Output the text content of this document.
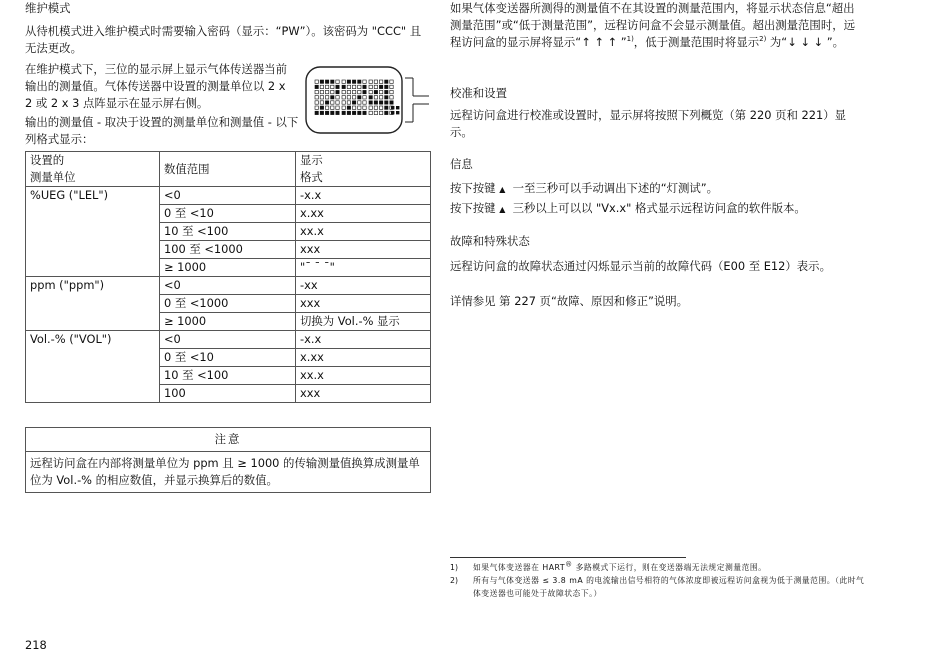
维护模式

从待机模式进入维护模式时需要输入密码（显示：“PW”）。该密码为 "CCC" 且无法更改。

在维护模式下，三位的显示屏上显示气体传送器当前输出的测量值。气体传送器中设置的测量单位以 2 x 2 或 2 x 3 点阵显示在显示屏右侧。

输出的测量值 - 取决于设置的测量单位和测量值 - 以下列格式显示：

设置的
测量单位	数值范围	显示
格式
%UEG ("LEL")	<0	-x.x
	0 至 <10	x.xx
	10 至 <100	xx.x
	100 至 <1000	xxx
	≥ 1000	"¯ ¯ ¯"
ppm ("ppm")	<0	-xx
	0 至 <1000	xxx
	≥ 1000	切换为 Vol.-% 显示
Vol.-% ("VOL")	<0	-x.x
	0 至 <10	x.xx
	10 至 <100	xx.x
	100	xxx
注意
远程访问盒在内部将测量单位为 ppm 且 ≥ 1000 的传输测量值换算成测量单位为 Vol.-% 的相应数值，并显示换算后的数值。

如果气体变送器所测得的测量值不在其设置的测量范围内，将显示状态信息“超出测量范围”或“低于测量范围”，远程访问盒不会显示测量值。超出测量范围时，远程访问盒的显示屏将显示“↑ ↑ ↑ ”$^{1)}$，低于测量范围时将显示$^{2)}$ 为“↓ ↓ ↓ ”。

校准和设置

远程访问盒进行校准或设置时，显示屏将按照下列概览（第 220 页和 221）显示。

信息

按下按键 ▲ 一至三秒可以手动调出下述的“灯测试”。

按下按键 ▲ 三秒以上可以以 "Vx.x" 格式显示远程访问盒的软件版本。

故障和特殊状态

远程访问盒的故障状态通过闪烁显示当前的故障代码（E00 至 E12）表示。

详情参见 第 227 页“故障、原因和修正”说明。

1) 如果气体变送器在 HART® 多路模式下运行，则在变送器端无法规定测量范围。
2) 所有与气体变送器 ≤ 3.8 mA 的电流输出信号相符的气体浓度即被远程访问盒视为低于测量范围。（此时气体变送器也可能处于故障状态下。）
218
